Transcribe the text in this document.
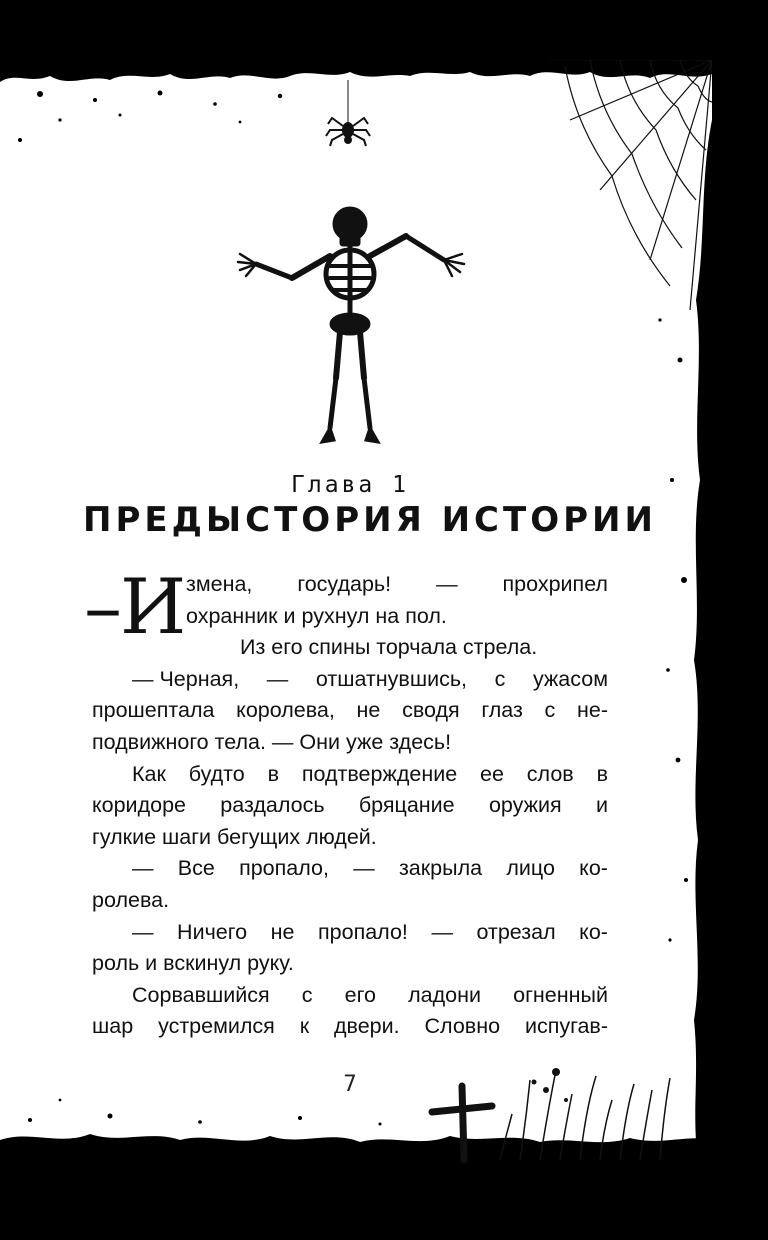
Глава 1
ПРЕДЫСТОРИЯ ИСТОРИИ
–И змена, государь! — прохрипел
охранник и рухнул на пол.
Из его спины торчала стрела.
— Черная, — отшатнувшись, с ужасом
прошептала королева, не сводя глаз с не-
подвижного тела. — Они уже здесь!
Как будто в подтверждение ее слов в
коридоре раздалось бряцание оружия и
гулкие шаги бегущих людей.
— Все пропало, — закрыла лицо ко-
ролева.
— Ничего не пропало! — отрезал ко-
роль и вскинул руку.
Сорвавшийся с его ладони огненный
шар устремился к двери. Словно испугав-
7
